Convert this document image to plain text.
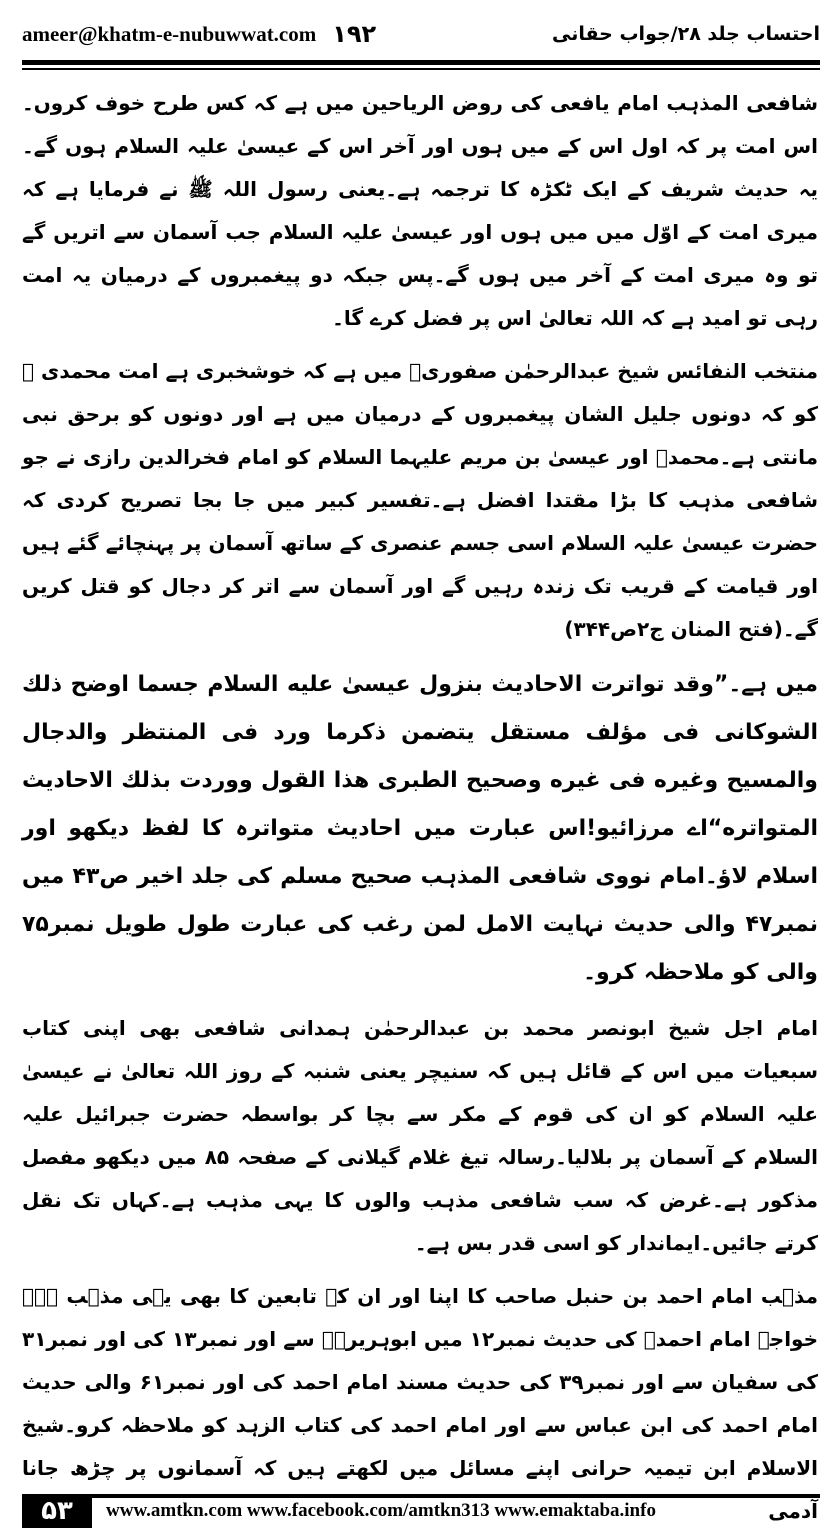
ameer@khatm-e-nubuwwat.com ۱۹۲	احتساب جلد ۲۸/جواب حقانی

شافعی المذہب امام یافعی کی روض الریاحین میں ہے کہ کس طرح خوف کروں۔اس امت پر کہ اول اس کے میں ہوں اور آخر اس کے عیسیٰ علیہ السلام ہوں گے۔یہ حدیث شریف کے ایک ٹکڑہ کا ترجمہ ہے۔یعنی رسول اللہ ﷺ نے فرمایا ہے کہ میری امت کے اوّل میں میں ہوں اور عیسیٰ علیہ السلام جب آسمان سے اتریں گے تو وہ میری امت کے آخر میں ہوں گے۔پس جبکہ دو پیغمبروں کے درمیان یہ امت رہی تو امید ہے کہ اللہ تعالیٰ اس پر فضل کرے گا۔

منتخب النفائس شیخ عبدالرحمٰن صفوریؒ میں ہے کہ خوشخبری ہے امت محمدی ﷺ کو کہ دونوں جلیل الشان پیغمبروں کے درمیان میں ہے اور دونوں کو برحق نبی مانتی ہے۔محمدؐ اور عیسیٰ بن مریم علیہما السلام کو امام فخرالدین رازی نے جو شافعی مذہب کا بڑا مقتدا افضل ہے۔تفسیر کبیر میں جا بجا تصریح کردی کہ حضرت عیسیٰ علیہ السلام اسی جسم عنصری کے ساتھ آسمان پر پہنچائے گئے ہیں اور قیامت کے قریب تک زندہ رہیں گے اور آسمان سے اتر کر دجال کو قتل کریں گے۔(فتح المنان ج۲ص۳۴۴)

میں ہے۔”وقد تواترت الاحادیث بنزول عیسیٰ علیه السلام جسما اوضح ذلك الشوکانی فی مؤلف مستقل یتضمن ذکرما ورد فی المنتظر والدجال والمسیح وغیره فی غیره وصحیح الطبری هذا القول ووردت بذلك الاحادیث المتواتره“اے مرزائیو!اس عبارت میں احادیث متواترہ کا لفظ دیکھو اور اسلام لاؤ۔امام نووی شافعی المذہب صحیح مسلم کی جلد اخیر ص۴۳ میں نمبر۴۷ والی حدیث نہایت الامل لمن رغب کی عبارت طول طویل نمبر۷۵ والی کو ملاحظہ کرو۔

امام اجل شیخ ابونصر محمد بن عبدالرحمٰن ہمدانی شافعی بھی اپنی کتاب سبعیات میں اس کے قائل ہیں کہ سنیچر یعنی شنبہ کے روز اللہ تعالیٰ نے عیسیٰ علیہ السلام کو ان کی قوم کے مکر سے بچا کر بواسطہ حضرت جبرائیل علیہ السلام کے آسمان پر بلالیا۔رسالہ تیغ غلام گیلانی کے صفحہ ۸۵ میں دیکھو مفصل مذکور ہے۔غرض کہ سب شافعی مذہب والوں کا یہی مذہب ہے۔کہاں تک نقل کرتے جائیں۔ایماندار کو اسی قدر بس ہے۔

مذہب امام احمد بن حنبل صاحب کا اپنا اور ان کے تابعین کا بھی یہی مذہب ہے۔خواجہ امام احمدؒ کی حدیث نمبر۱۲ میں ابوہریرہؓ سے اور نمبر۱۳ کی اور نمبر۳۱ کی سفیان سے اور نمبر۳۹ کی حدیث مسند امام احمد کی اور نمبر۶۱ والی حدیث امام احمد کی ابن عباس سے اور امام احمد کی کتاب الزہد کو ملاحظہ کرو۔شیخ الاسلام ابن تیمیہ حرانی اپنے مسائل میں لکھتے ہیں کہ آسمانوں پر چڑھ جانا آدمی

۵۳	www.amtkn.com www.facebook.com/amtkn313 www.emaktaba.info
